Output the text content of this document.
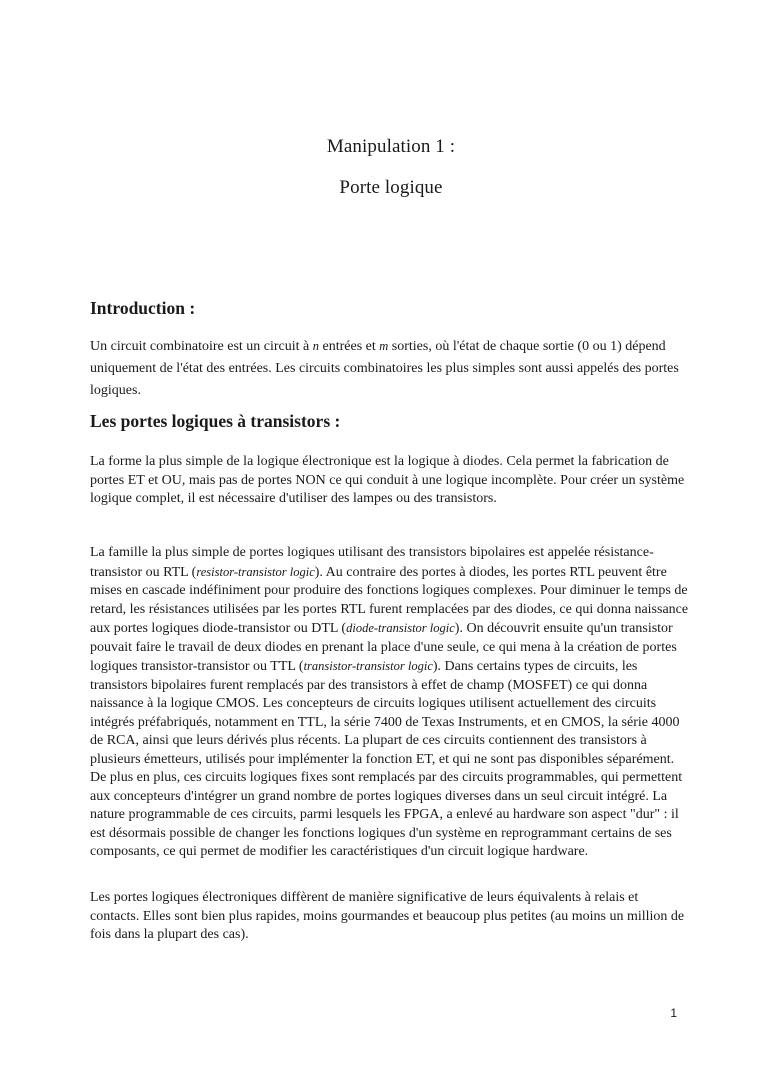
Manipulation 1 :
Porte logique
Introduction :

Un circuit combinatoire est un circuit à n entrées et m sorties, où l'état de chaque sortie (0 ou 1) dépend uniquement de l'état des entrées. Les circuits combinatoires les plus simples sont aussi appelés des portes logiques.

Les portes logiques à transistors :

La forme la plus simple de la logique électronique est la logique à diodes. Cela permet la fabrication de portes ET et OU, mais pas de portes NON ce qui conduit à une logique incomplète. Pour créer un système logique complet, il est nécessaire d'utiliser des lampes ou des transistors.

La famille la plus simple de portes logiques utilisant des transistors bipolaires est appelée résistance-transistor ou RTL (resistor-transistor logic). Au contraire des portes à diodes, les portes RTL peuvent être mises en cascade indéfiniment pour produire des fonctions logiques complexes. Pour diminuer le temps de retard, les résistances utilisées par les portes RTL furent remplacées par des diodes, ce qui donna naissance aux portes logiques diode-transistor ou DTL (diode-transistor logic). On découvrit ensuite qu'un transistor pouvait faire le travail de deux diodes en prenant la place d'une seule, ce qui mena à la création de portes logiques transistor-transistor ou TTL (transistor-transistor logic). Dans certains types de circuits, les transistors bipolaires furent remplacés par des transistors à effet de champ (MOSFET) ce qui donna naissance à la logique CMOS. Les concepteurs de circuits logiques utilisent actuellement des circuits intégrés préfabriqués, notamment en TTL, la série 7400 de Texas Instruments, et en CMOS, la série 4000 de RCA, ainsi que leurs dérivés plus récents. La plupart de ces circuits contiennent des transistors à plusieurs émetteurs, utilisés pour implémenter la fonction ET, et qui ne sont pas disponibles séparément. De plus en plus, ces circuits logiques fixes sont remplacés par des circuits programmables, qui permettent aux concepteurs d'intégrer un grand nombre de portes logiques diverses dans un seul circuit intégré. La nature programmable de ces circuits, parmi lesquels les FPGA, a enlevé au hardware son aspect "dur" : il est désormais possible de changer les fonctions logiques d'un système en reprogrammant certains de ses composants, ce qui permet de modifier les caractéristiques d'un circuit logique hardware.

Les portes logiques électroniques diffèrent de manière significative de leurs équivalents à relais et contacts. Elles sont bien plus rapides, moins gourmandes et beaucoup plus petites (au moins un million de fois dans la plupart des cas).

1
